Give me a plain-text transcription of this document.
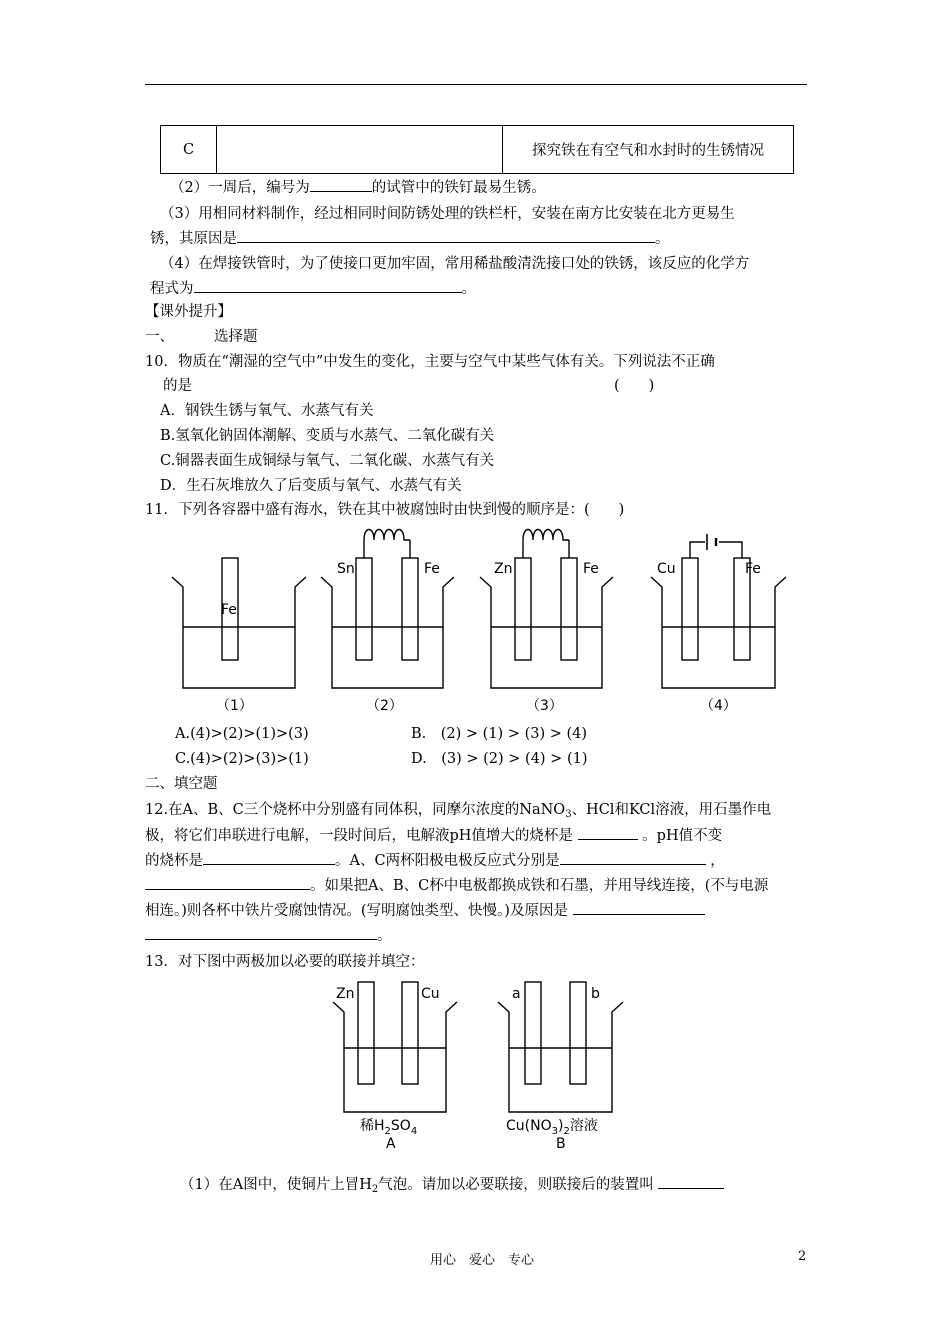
C		探究铁在有空气和水封时的生锈情况
（2）一周后，编号为	的试管中的铁钉最易生锈。
（3）用相同材料制作，经过相同时间防锈处理的铁栏杆，安装在南方比安装在北方更易生
锈，其原因是	。
（4）在焊接铁管时，为了使接口更加牢固，常用稀盐酸清洗接口处的铁锈，该反应的化学方
程式为	。
【课外提升】
一、	选择题
10．物质在“潮湿的空气中”中发生的变化，主要与空气中某些气体有关。下列说法不正确
的是	(　　)
A．钢铁生锈与氧气、水蒸气有关
B.氢氧化钠固体潮解、变质与水蒸气、二氧化碳有关
C.铜器表面生成铜绿与氧气、二氧化碳、水蒸气有关
D．生石灰堆放久了后变质与氧气、水蒸气有关
11．下列各容器中盛有海水，铁在其中被腐蚀时由快到慢的顺序是：(　　)
Fe
Sn	Fe	Zn	Fe	Cu	Fe
（1）	（2）	（3）	（4）
A.(4)>(2)>(1)>(3)	B.　(2) > (1) > (3) > (4)
C.(4)>(2)>(3)>(1)	D.　(3) > (2) > (4) > (1)
二、填空题
12.在A、B、C三个烧杯中分别盛有同体积，同摩尔浓度的NaNO$_3$、HCl和KCl溶液，用石墨作电
极，将它们串联进行电解，一段时间后，电解液pH值增大的烧杯是	。pH值不变
的烧杯是	。A、C两杯阳极电极反应式分别是	，
。如果把A、B、C杯中电极都换成铁和石墨，并用导线连接，(不与电源
相连。)则各杯中铁片受腐蚀情况。(写明腐蚀类型、快慢。)及原因是
。
13．对下图中两极加以必要的联接并填空：
Zn	Cu	a	b
稀$H_2SO_4$
A
$Cu(NO_3)_2$溶液
B
（1）在A图中，使铜片上冒$H_2$气泡。请加以必要联接，则联接后的装置叫
用心　爱心　专心	2
